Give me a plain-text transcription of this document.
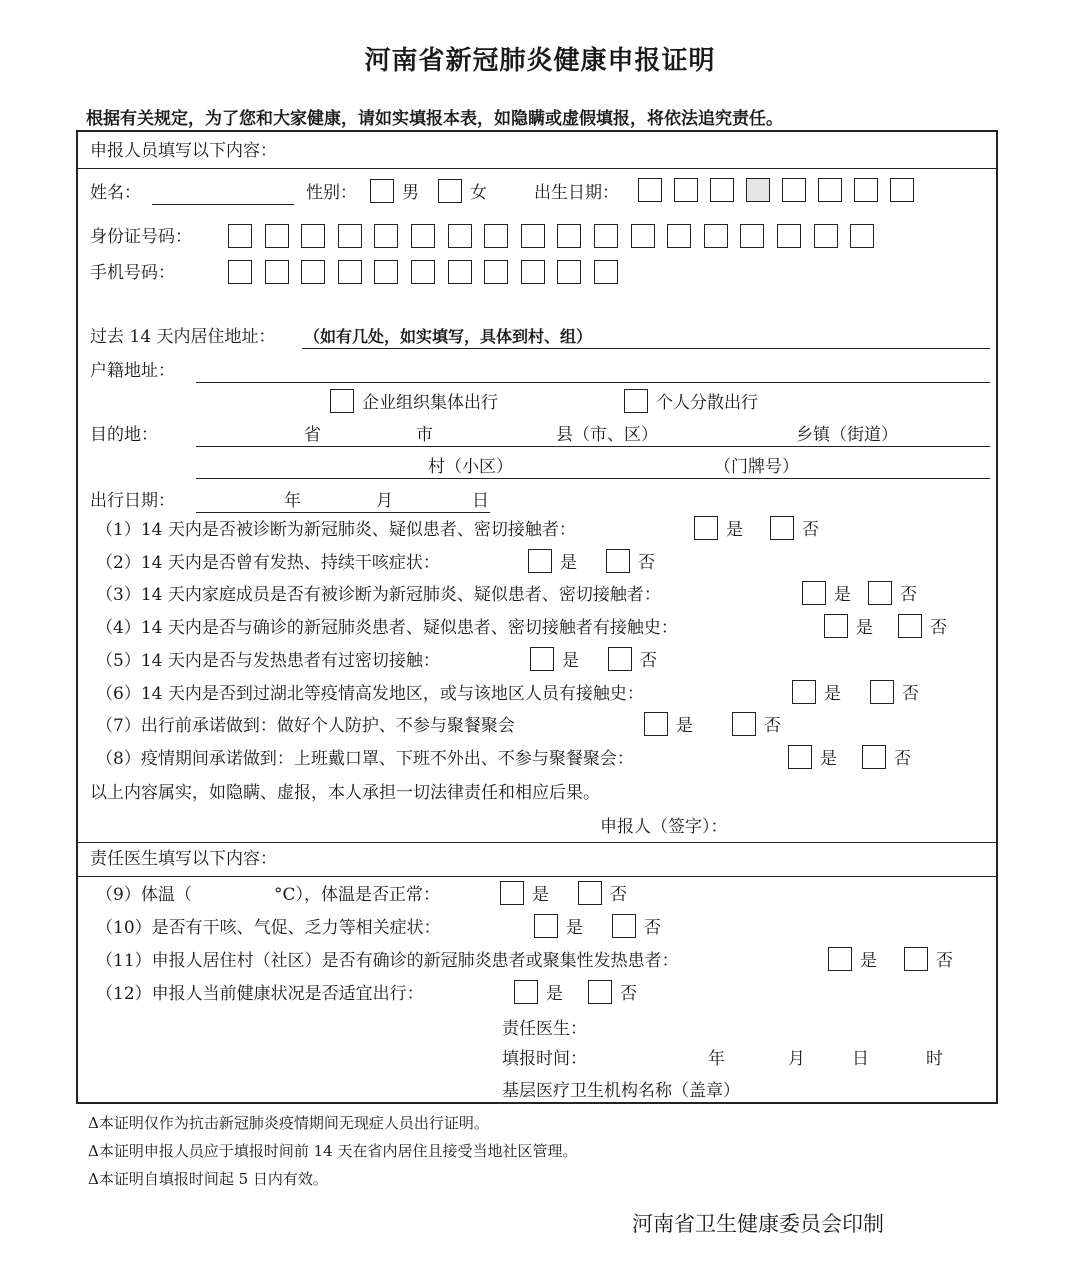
河南省新冠肺炎健康申报证明
根据有关规定，为了您和大家健康，请如实填报本表，如隐瞒或虚假填报，将依法追究责任。
申报人员填写以下内容：
姓名：	性别：	男	女	出生日期：
身份证号码：
手机号码：
过去 14 天内居住地址： （如有几处，如实填写，具体到村、组）
户籍地址：
企业组织集体出行	个人分散出行
目的地：	省	市	县（市、区）	乡镇（街道）
村（小区）	（门牌号）
出行日期：	年	月	日
（1）14 天内是否被诊断为新冠肺炎、疑似患者、密切接触者：	是	否
（2）14 天内是否曾有发热、持续干咳症状：	是	否
（3）14 天内家庭成员是否有被诊断为新冠肺炎、疑似患者、密切接触者：	是	否
（4）14 天内是否与确诊的新冠肺炎患者、疑似患者、密切接触者有接触史：	是	否
（5）14 天内是否与发热患者有过密切接触：	是	否
（6）14 天内是否到过湖北等疫情高发地区，或与该地区人员有接触史：	是	否
（7）出行前承诺做到：做好个人防护、不参与聚餐聚会	是	否
（8）疫情期间承诺做到：上班戴口罩、下班不外出、不参与聚餐聚会：	是	否
以上内容属实，如隐瞒、虚报，本人承担一切法律责任和相应后果。
申报人（签字）：
责任医生填写以下内容：
（9）体温（	°C），体温是否正常：	是	否
（10）是否有干咳、气促、乏力等相关症状：	是	否
（11）申报人居住村（社区）是否有确诊的新冠肺炎患者或聚集性发热患者：	是	否
（12）申报人当前健康状况是否适宜出行：	是	否
责任医生：
填报时间：	年	月	日	时
基层医疗卫生机构名称（盖章）
Δ本证明仅作为抗击新冠肺炎疫情期间无现症人员出行证明。
Δ本证明申报人员应于填报时间前 14 天在省内居住且接受当地社区管理。
Δ本证明自填报时间起 5 日内有效。
河南省卫生健康委员会印制
